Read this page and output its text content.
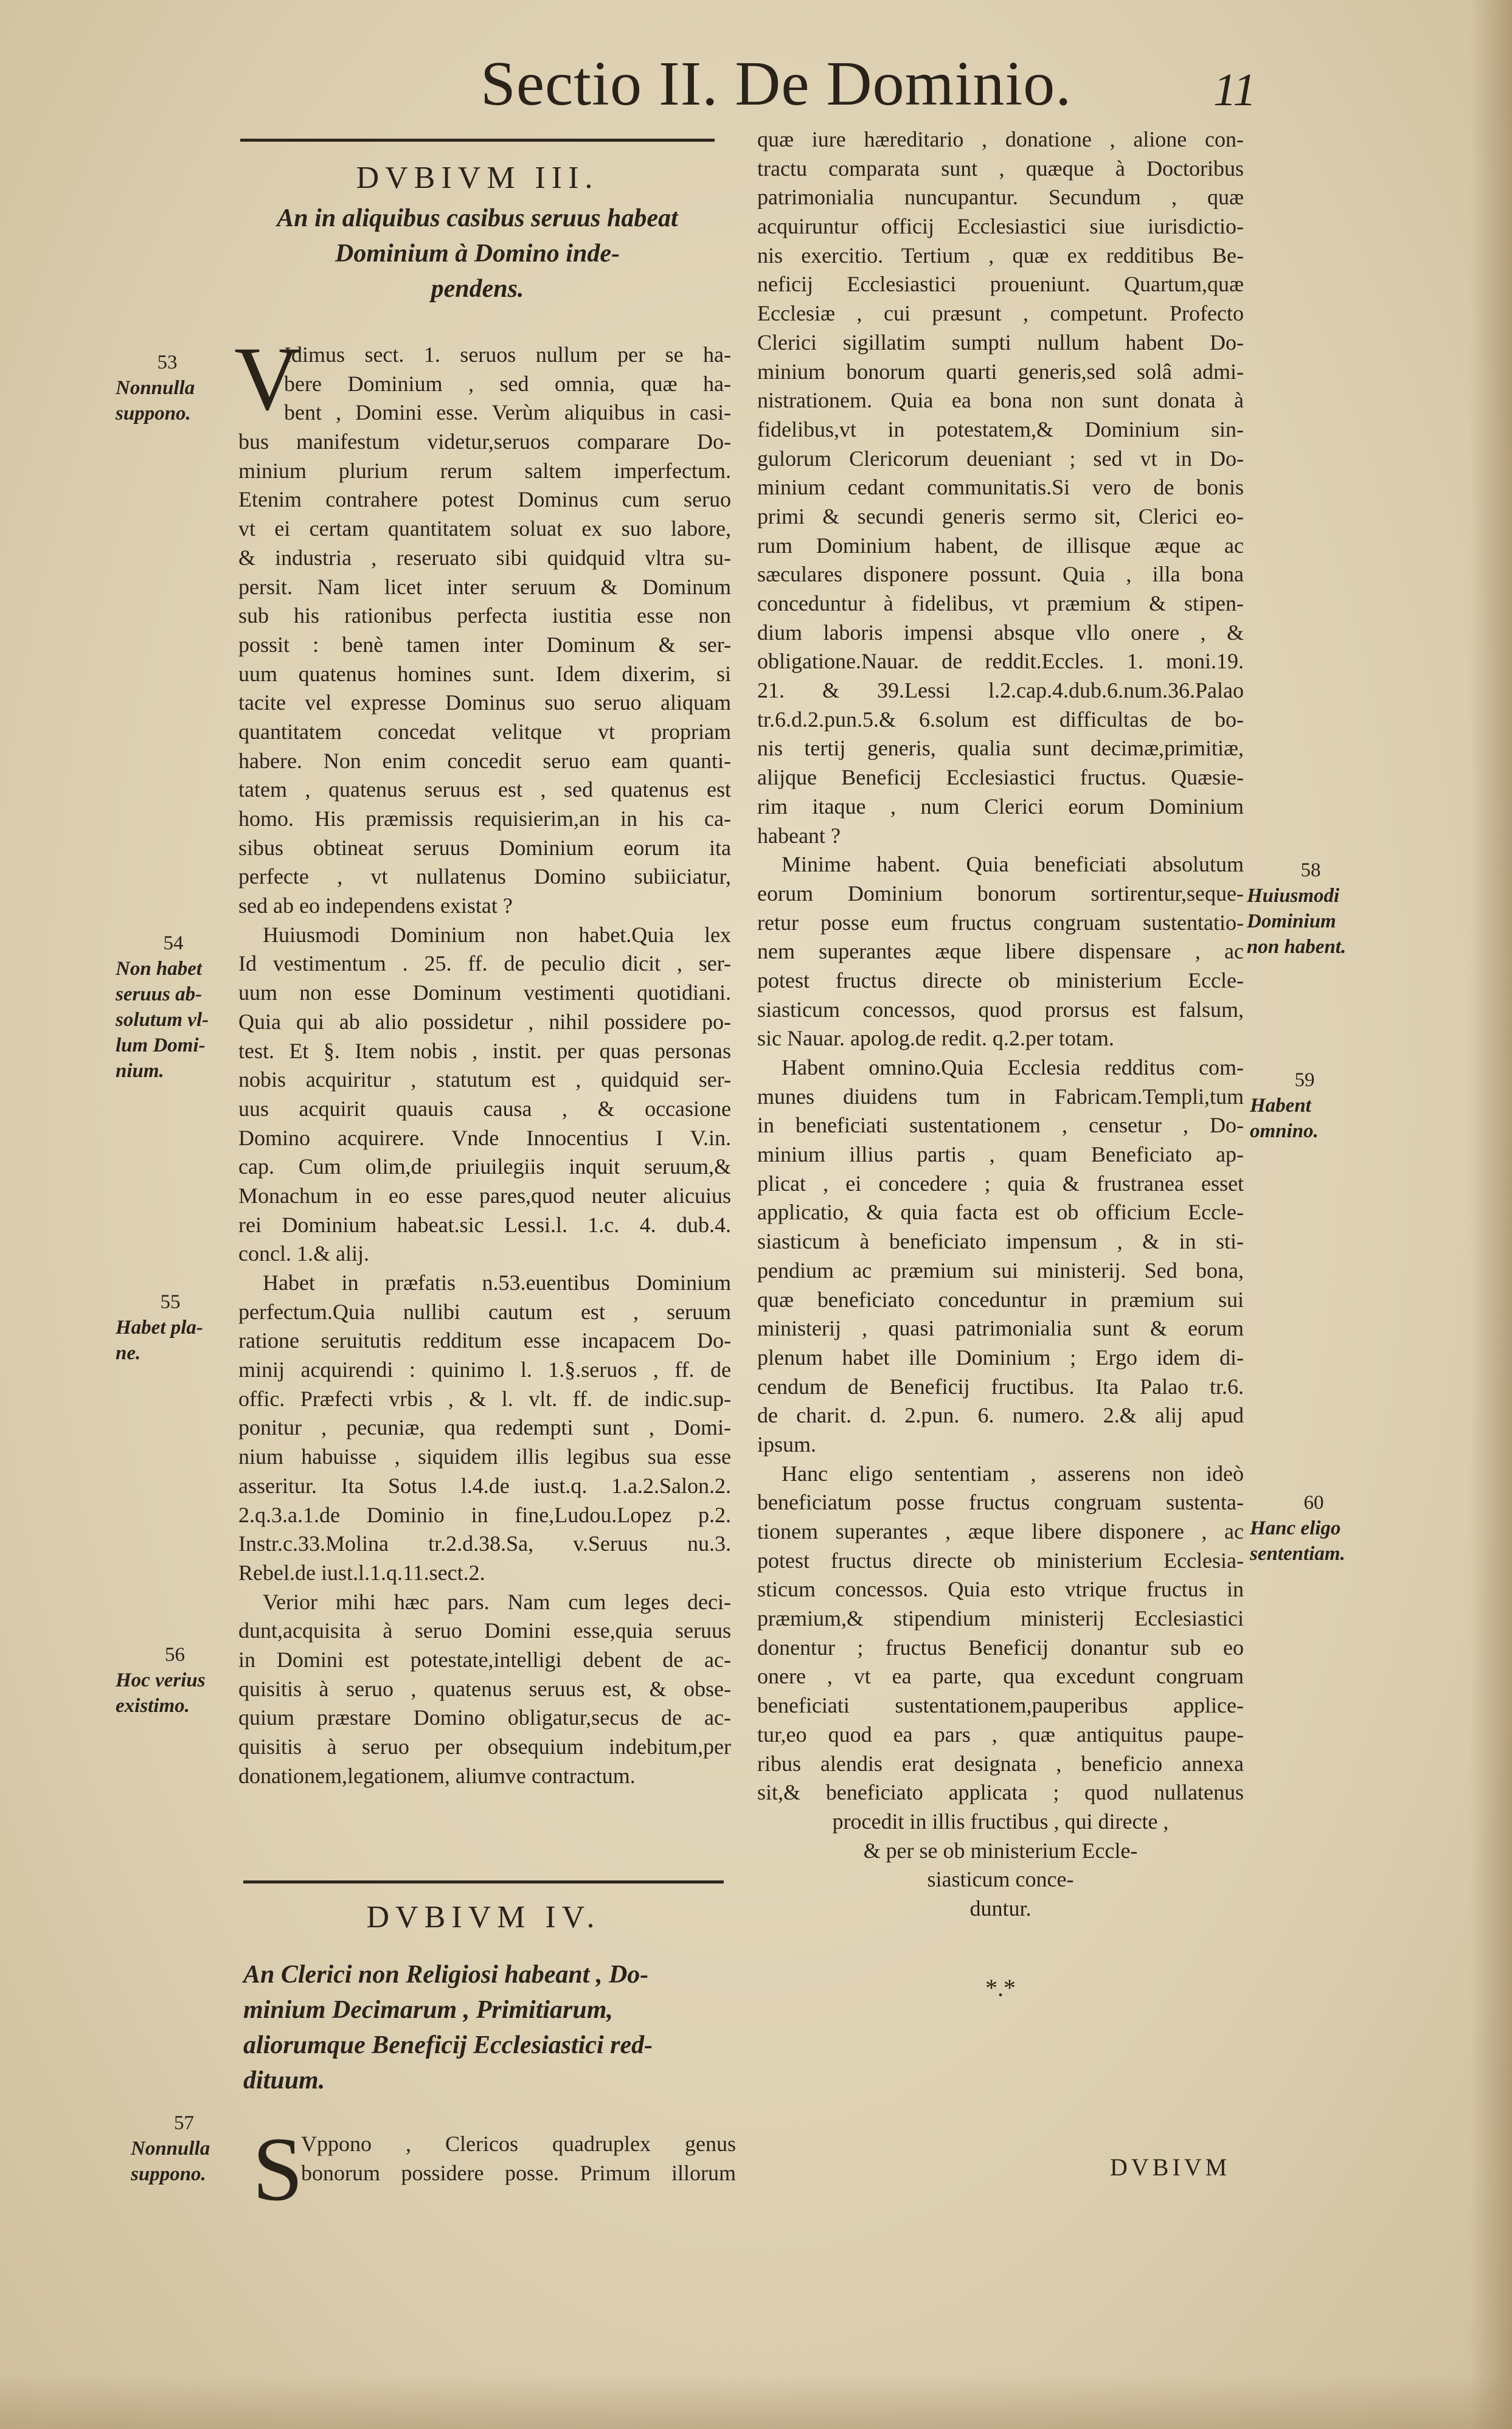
Sectio II. De Dominio.	11
DVBIVM III.
An in aliquibus casibus seruus habeat
Dominium à Domino inde-
pendens.
V
Idimus sect. 1. seruos nullum per se ha-
bere Dominium , sed omnia, quæ ha-
bent , Domini esse. Verùm aliquibus in casi-
bus manifestum videtur,seruos comparare Do-
minium plurium rerum saltem imperfectum.
Etenim contrahere potest Dominus cum seruo
vt ei certam quantitatem soluat ex suo labore,
& industria , reseruato sibi quidquid vltra su-
persit. Nam licet inter seruum & Dominum
sub his rationibus perfecta iustitia esse non
possit : benè tamen inter Dominum & ser-
uum quatenus homines sunt. Idem dixerim, si
tacite vel expresse Dominus suo seruo aliquam
quantitatem concedat velitque vt propriam
habere. Non enim concedit seruo eam quanti-
tatem , quatenus seruus est , sed quatenus est
homo. His præmissis requisierim,an in his ca-
sibus obtineat seruus Dominium eorum ita
perfecte , vt nullatenus Domino subiiciatur,
sed ab eo independens existat ?
Huiusmodi Dominium non habet.Quia lex
Id vestimentum . 25. ff. de peculio dicit , ser-
uum non esse Dominum vestimenti quotidiani.
Quia qui ab alio possidetur , nihil possidere po-
test. Et §. Item nobis , instit. per quas personas
nobis acquiritur , statutum est , quidquid ser-
uus acquirit quauis causa , & occasione
Domino acquirere. Vnde Innocentius I V.in.
cap. Cum olim,de priuilegiis inquit seruum,&
Monachum in eo esse pares,quod neuter alicuius
rei Dominium habeat.sic Lessi.l. 1.c. 4. dub.4.
concl. 1.& alij.
Habet in præfatis n.53.euentibus Dominium
perfectum.Quia nullibi cautum est , seruum
ratione seruitutis redditum esse incapacem Do-
minij acquirendi : quinimo l. 1.§.seruos , ff. de
offic. Præfecti vrbis , & l. vlt. ff. de indic.sup-
ponitur , pecuniæ, qua redempti sunt , Domi-
nium habuisse , siquidem illis legibus sua esse
asseritur. Ita Sotus l.4.de iust.q. 1.a.2.Salon.2.
2.q.3.a.1.de Dominio in fine,Ludou.Lopez p.2.
Instr.c.33.Molina tr.2.d.38.Sa, v.Seruus nu.3.
Rebel.de iust.l.1.q.11.sect.2.
Verior mihi hæc pars. Nam cum leges deci-
dunt,acquisita à seruo Domini esse,quia seruus
in Domini est potestate,intelligi debent de ac-
quisitis à seruo , quatenus seruus est, & obse-
quium præstare Domino obligatur,secus de ac-
quisitis à seruo per obsequium indebitum,per
donationem,legationem, aliumve contractum.
DVBIVM IV.
An Clerici non Religiosi habeant , Do-
minium Decimarum , Primitiarum,
aliorumque Beneficij Ecclesiastici red-
dituum.
S
Vppono , Clericos quadruplex genus
bonorum possidere posse. Primum illorum
quæ iure hæreditario , donatione , alione con-
tractu comparata sunt , quæque à Doctoribus
patrimonialia nuncupantur. Secundum , quæ
acquiruntur officij Ecclesiastici siue iurisdictio-
nis exercitio. Tertium , quæ ex redditibus Be-
neficij Ecclesiastici proueniunt. Quartum,quæ
Ecclesiæ , cui præsunt , competunt. Profecto
Clerici sigillatim sumpti nullum habent Do-
minium bonorum quarti generis,sed solâ admi-
nistrationem. Quia ea bona non sunt donata à
fidelibus,vt in potestatem,& Dominium sin-
gulorum Clericorum deueniant ; sed vt in Do-
minium cedant communitatis.Si vero de bonis
primi & secundi generis sermo sit, Clerici eo-
rum Dominium habent, de illisque æque ac
sæculares disponere possunt. Quia , illa bona
conceduntur à fidelibus, vt præmium & stipen-
dium laboris impensi absque vllo onere , &
obligatione.Nauar. de reddit.Eccles. 1. moni.19.
21. & 39.Lessi l.2.cap.4.dub.6.num.36.Palao
tr.6.d.2.pun.5.& 6.solum est difficultas de bo-
nis tertij generis, qualia sunt decimæ,primitiæ,
alijque Beneficij Ecclesiastici fructus. Quæsie-
rim itaque , num Clerici eorum Dominium
habeant ?
Minime habent. Quia beneficiati absolutum
eorum Dominium bonorum sortirentur,seque-
retur posse eum fructus congruam sustentatio-
nem superantes æque libere dispensare , ac
potest fructus directe ob ministerium Eccle-
siasticum concessos, quod prorsus est falsum,
sic Nauar. apolog.de redit. q.2.per totam.
Habent omnino.Quia Ecclesia redditus com-
munes diuidens tum in Fabricam.Templi,tum
in beneficiati sustentationem , censetur , Do-
minium illius partis , quam Beneficiato ap-
plicat , ei concedere ; quia & frustranea esset
applicatio, & quia facta est ob officium Eccle-
siasticum à beneficiato impensum , & in sti-
pendium ac præmium sui ministerij. Sed bona,
quæ beneficiato conceduntur in præmium sui
ministerij , quasi patrimonialia sunt & eorum
plenum habet ille Dominium ; Ergo idem di-
cendum de Beneficij fructibus. Ita Palao tr.6.
de charit. d. 2.pun. 6. numero. 2.& alij apud
ipsum.
Hanc eligo sententiam , asserens non ideò
beneficiatum posse fructus congruam sustenta-
tionem superantes , æque libere disponere , ac
potest fructus directe ob ministerium Ecclesia-
sticum concessos. Quia esto vtrique fructus in
præmium,& stipendium ministerij Ecclesiastici
donentur ; fructus Beneficij donantur sub eo
onere , vt ea parte, qua excedunt congruam
beneficiati sustentationem,pauperibus applice-
tur,eo quod ea pars , quæ antiquitus paupe-
ribus alendis erat designata , beneficio annexa
sit,& beneficiato applicata ; quod nullatenus
procedit in illis fructibus , qui directe ,
& per se ob ministerium Eccle-
siasticum conce-
duntur.
*.*
DVBIVM
53
Nonnulla
suppono.
54
Non habet
seruus ab-
solutum vl-
lum Domi-
nium.
55
Habet pla-
ne.
56
Hoc verius
existimo.
57
Nonnulla
suppono.
58
Huiusmodi
Dominium
non habent.
59
Habent
omnino.
60
Hanc eligo
sententiam.
